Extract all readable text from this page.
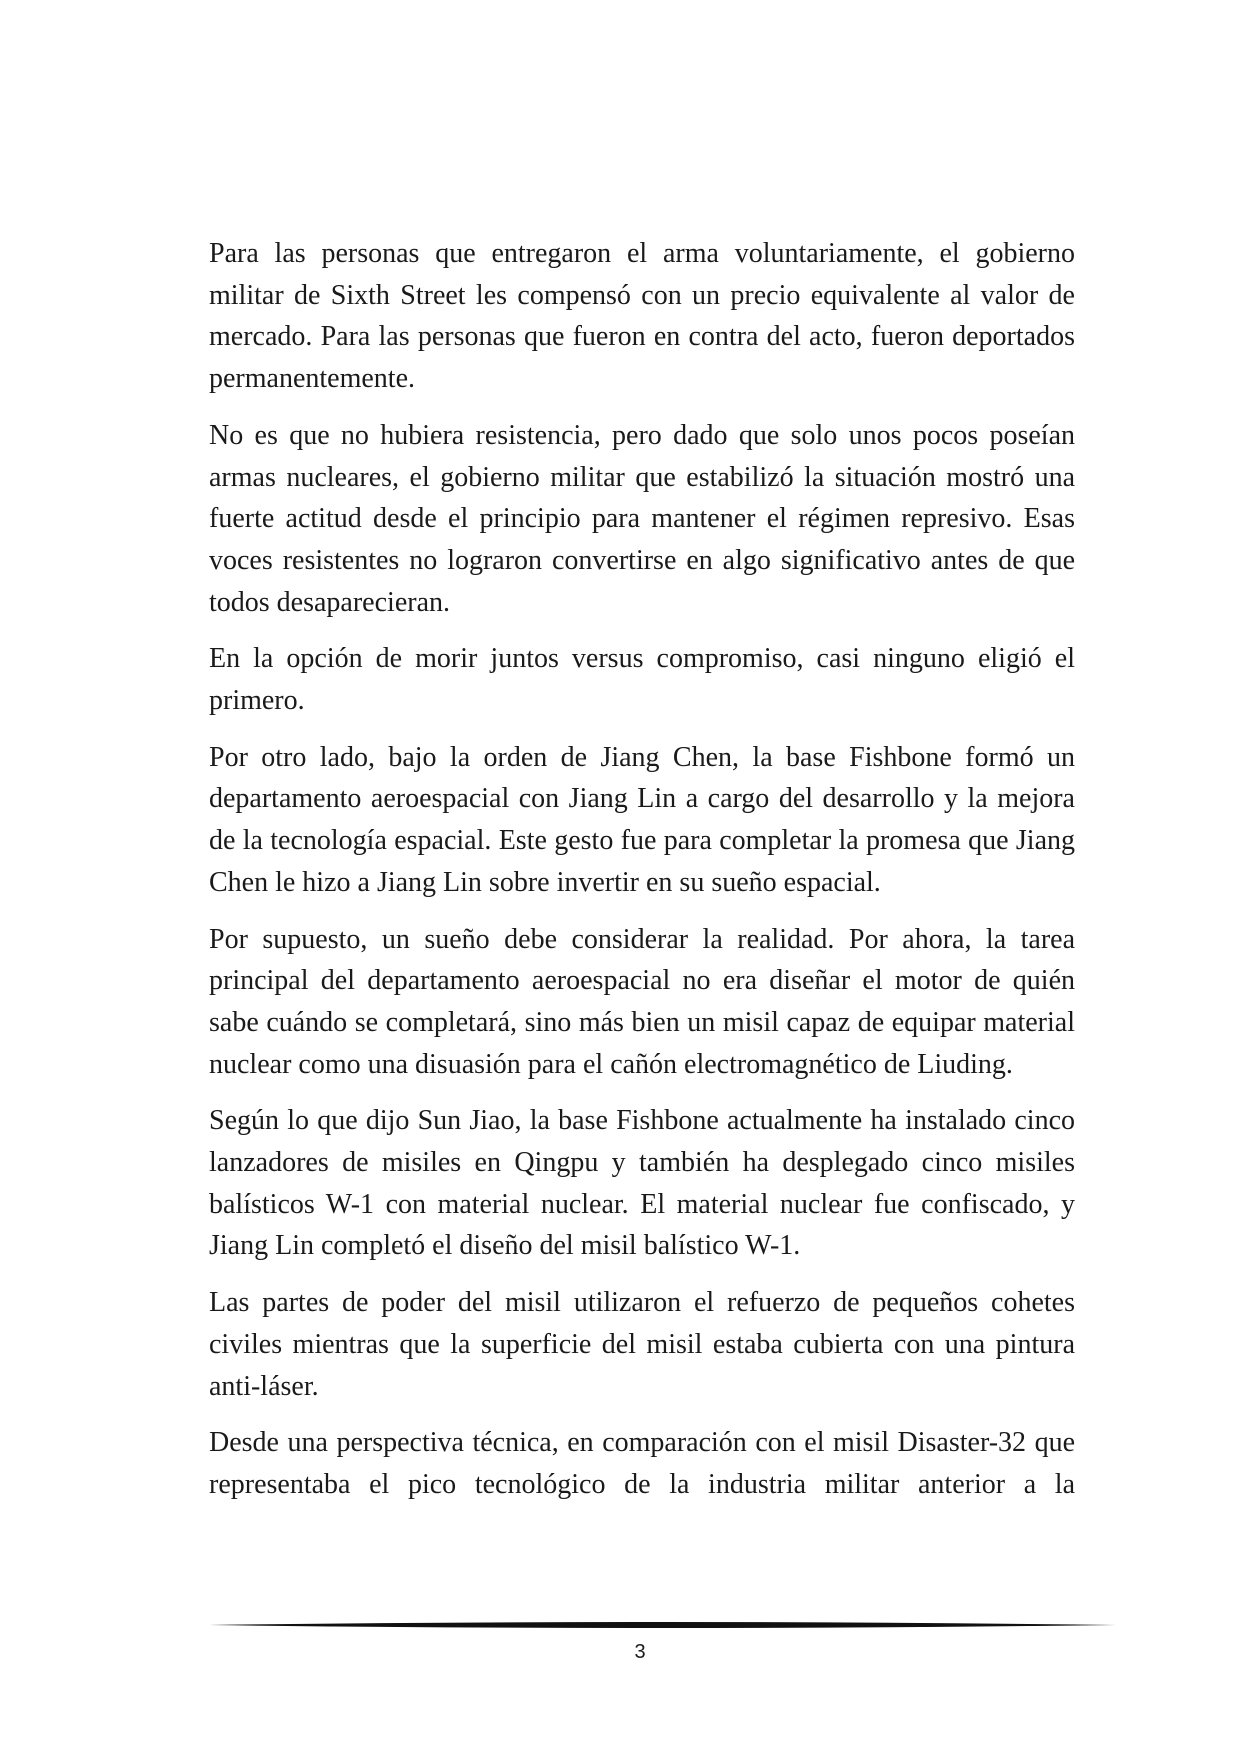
Para las personas que entregaron el arma voluntariamente, el gobierno militar de Sixth Street les compensó con un precio equivalente al valor de mercado. Para las personas que fueron en contra del acto, fueron deportados permanentemente.

No es que no hubiera resistencia, pero dado que solo unos pocos poseían armas nucleares, el gobierno militar que estabilizó la situación mostró una fuerte actitud desde el principio para mantener el régimen represivo. Esas voces resistentes no lograron convertirse en algo significativo antes de que todos desaparecieran.

En la opción de morir juntos versus compromiso, casi ninguno eligió el primero.

Por otro lado, bajo la orden de Jiang Chen, la base Fishbone formó un departamento aeroespacial con Jiang Lin a cargo del desarrollo y la mejora de la tecnología espacial. Este gesto fue para completar la promesa que Jiang Chen le hizo a Jiang Lin sobre invertir en su sueño espacial.

Por supuesto, un sueño debe considerar la realidad. Por ahora, la tarea principal del departamento aeroespacial no era diseñar el motor de quién sabe cuándo se completará, sino más bien un misil capaz de equipar material nuclear como una disuasión para el cañón electromagnético de Liuding.

Según lo que dijo Sun Jiao, la base Fishbone actualmente ha instalado cinco lanzadores de misiles en Qingpu y también ha desplegado cinco misiles balísticos W-1 con material nuclear. El material nuclear fue confiscado, y Jiang Lin completó el diseño del misil balístico W-1.

Las partes de poder del misil utilizaron el refuerzo de pequeños cohetes civiles mientras que la superficie del misil estaba cubierta con una pintura anti-láser.

Desde una perspectiva técnica, en comparación con el misil Disaster-32 que representaba el pico tecnológico de la industria militar anterior a la

3
